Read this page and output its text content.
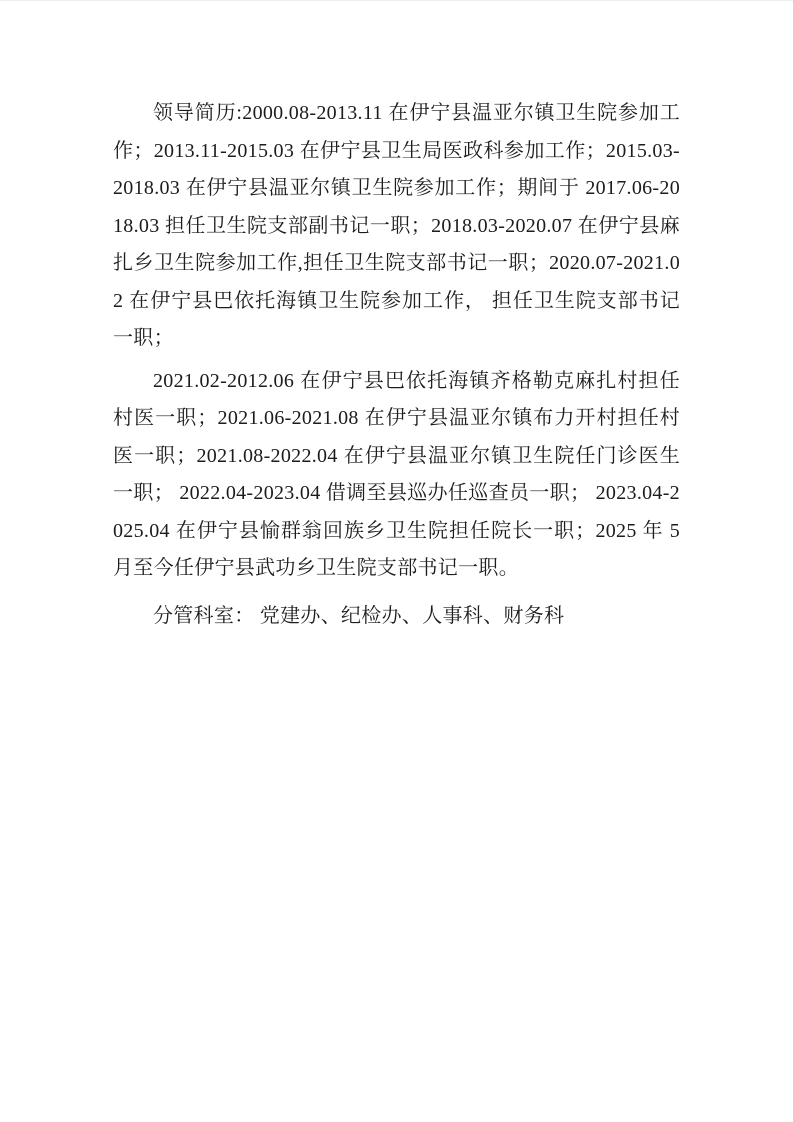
领导简历:2000.08-2013.11 在伊宁县温亚尔镇卫生院参加工作；2013.11-2015.03 在伊宁县卫生局医政科参加工作；2015.03-2018.03 在伊宁县温亚尔镇卫生院参加工作；期间于 2017.06-2018.03 担任卫生院支部副书记一职；2018.03-2020.07 在伊宁县麻扎乡卫生院参加工作,担任卫生院支部书记一职；2020.07-2021.02 在伊宁县巴依托海镇卫生院参加工作， 担任卫生院支部书记一职；

2021.02-2012.06 在伊宁县巴依托海镇齐格勒克麻扎村担任村医一职；2021.06-2021.08 在伊宁县温亚尔镇布力开村担任村医一职；2021.08-2022.04 在伊宁县温亚尔镇卫生院任门诊医生一职； 2022.04-2023.04 借调至县巡办任巡查员一职； 2023.04-2025.04 在伊宁县愉群翁回族乡卫生院担任院长一职；2025 年 5 月至今任伊宁县武功乡卫生院支部书记一职。

分管科室： 党建办、纪检办、人事科、财务科
